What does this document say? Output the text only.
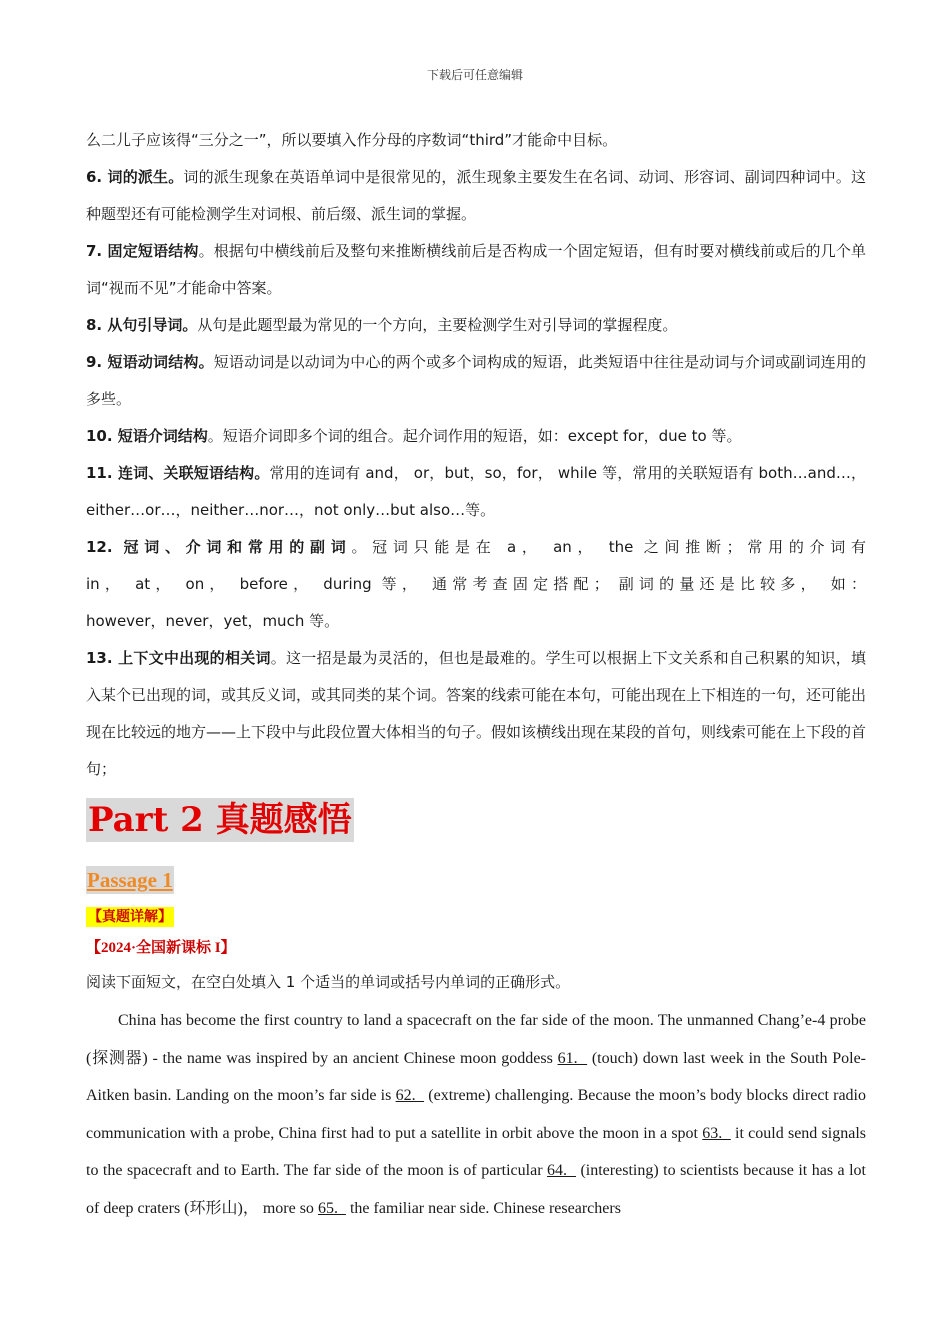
下载后可任意编辑

么二儿子应该得“三分之一”，所以要填入作分母的序数词“third”才能命中目标。

6. 词的派生。词的派生现象在英语单词中是很常见的，派生现象主要发生在名词、动词、形容词、副词四种词中。这种题型还有可能检测学生对词根、前后缀、派生词的掌握。

7. 固定短语结构。根据句中横线前后及整句来推断横线前后是否构成一个固定短语，但有时要对横线前或后的几个单词“视而不见”才能命中答案。

8. 从句引导词。从句是此题型最为常见的一个方向，主要检测学生对引导词的掌握程度。

9. 短语动词结构。短语动词是以动词为中心的两个或多个词构成的短语，此类短语中往往是动词与介词或副词连用的多些。

10. 短语介词结构。短语介词即多个词的组合。起介词作用的短语，如：except for，due to 等。

11. 连词、关联短语结构。常用的连词有 and， or，but，so，for， while 等，常用的关联短语有 both…and…，either…or…，neither…nor…，not only…but also…等。

12. 冠词、介词和常用的副词。冠词只能是在 a， an， the 之间推断；常用的介词有

in， at， on， before， during 等， 通常考查固定搭配； 副词的量还是比较多， 如：

however，never，yet，much 等。

13. 上下文中出现的相关词。这一招是最为灵活的，但也是最难的。学生可以根据上下文关系和自己积累的知识，填入某个已出现的词，或其反义词，或其同类的某个词。答案的线索可能在本句，可能出现在上下相连的一句，还可能出现在比较远的地方——上下段中与此段位置大体相当的句子。假如该横线出现在某段的首句，则线索可能在上下段的首句；

Part 2 真题感悟
Passage 1
【真题详解】
【2024·全国新课标 I】
阅读下面短文，在空白处填入 1 个适当的单词或括号内单词的正确形式。

China has become the first country to land a spacecraft on the far side of the moon. The unmanned Chang’e-4 probe (探测器) - the name was inspired by an ancient Chinese moon goddess 61.   (touch) down last week in the South Pole-Aitken basin. Landing on the moon’s far side is 62.   (extreme) challenging. Because the moon’s body blocks direct radio communication with a probe, China first had to put a satellite in orbit above the moon in a spot 63.   it could send signals to the spacecraft and to Earth. The far side of the moon is of particular 64.   (interesting) to scientists because it has a lot of deep craters (环形山)， more so 65.   the familiar near side. Chinese researchers
